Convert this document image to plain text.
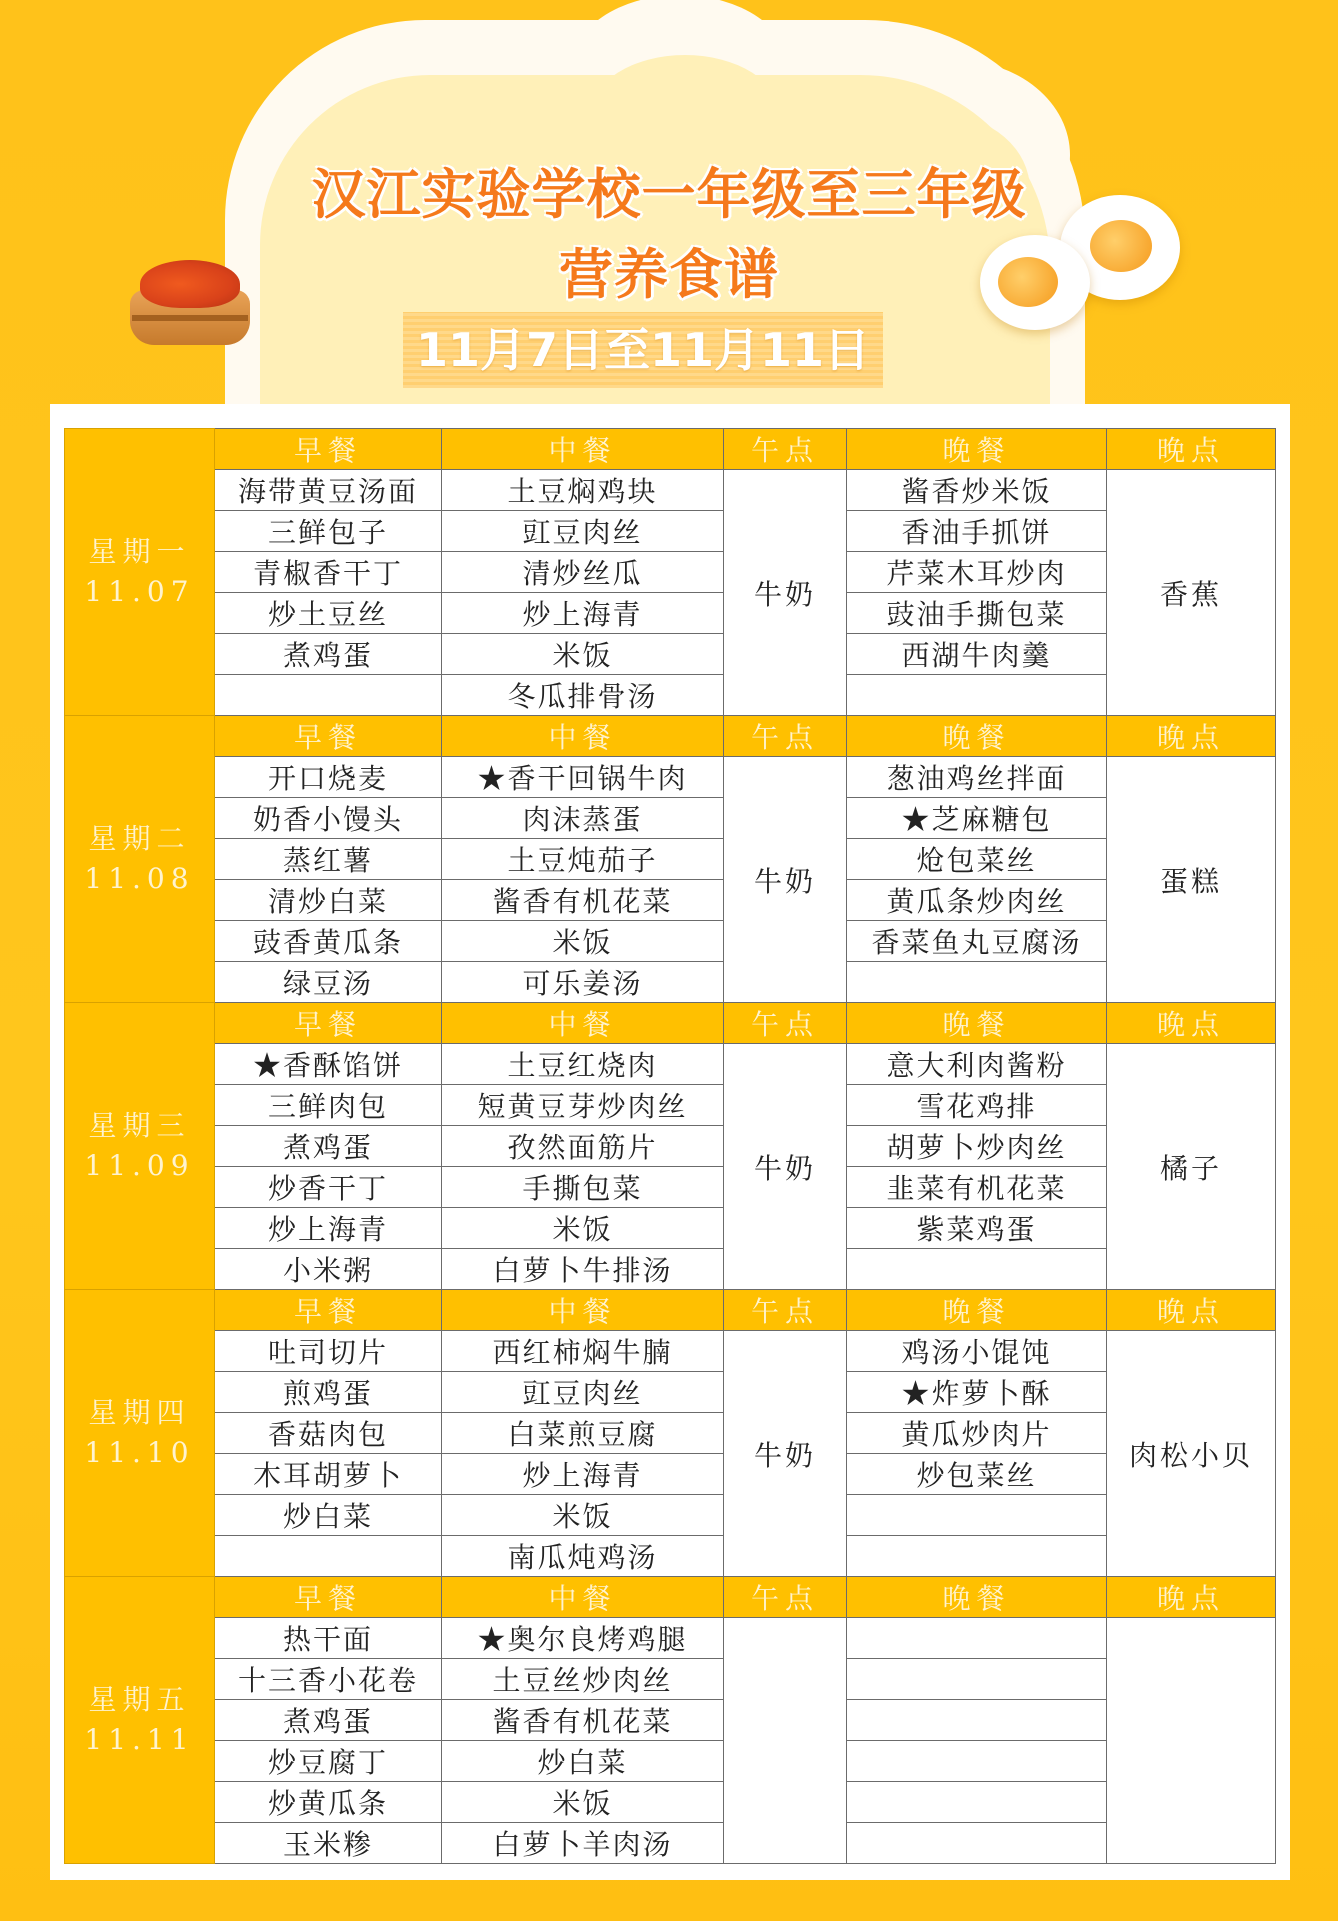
汉江实验学校一年级至三年级
营养食谱
11月7日至11月11日
星期一
11.07	早餐	中餐	午点	晚餐	晚点
	海带黄豆汤面	土豆焖鸡块	牛奶	酱香炒米饭	香蕉
	三鲜包子	豇豆肉丝		香油手抓饼	
	青椒香干丁	清炒丝瓜		芹菜木耳炒肉	
	炒土豆丝	炒上海青		豉油手撕包菜	
	煮鸡蛋	米饭		西湖牛肉羹	
		冬瓜排骨汤			

星期二
11.08	早餐	中餐	午点	晚餐	晚点
	开口烧麦	★香干回锅牛肉	牛奶	葱油鸡丝拌面	蛋糕
	奶香小馒头	肉沫蒸蛋		★芝麻糖包	
	蒸红薯	土豆炖茄子		炝包菜丝	
	清炒白菜	酱香有机花菜		黄瓜条炒肉丝	
	豉香黄瓜条	米饭		香菜鱼丸豆腐汤	
	绿豆汤	可乐姜汤			

星期三
11.09	早餐	中餐	午点	晚餐	晚点
	★香酥馅饼	土豆红烧肉	牛奶	意大利肉酱粉	橘子
	三鲜肉包	短黄豆芽炒肉丝		雪花鸡排	
	煮鸡蛋	孜然面筋片		胡萝卜炒肉丝	
	炒香干丁	手撕包菜		韭菜有机花菜	
	炒上海青	米饭		紫菜鸡蛋	
	小米粥	白萝卜牛排汤			

星期四
11.10	早餐	中餐	午点	晚餐	晚点
	吐司切片	西红柿焖牛腩	牛奶	鸡汤小馄饨	肉松小贝
	煎鸡蛋	豇豆肉丝		★炸萝卜酥	
	香菇肉包	白菜煎豆腐		黄瓜炒肉片	
	木耳胡萝卜	炒上海青		炒包菜丝	
	炒白菜	米饭			
		南瓜炖鸡汤			

星期五
11.11	早餐	中餐	午点	晚餐	晚点
	热干面	★奥尔良烤鸡腿			
	十三香小花卷	土豆丝炒肉丝			
	煮鸡蛋	酱香有机花菜			
	炒豆腐丁	炒白菜			
	炒黄瓜条	米饭			
	玉米糁	白萝卜羊肉汤			
